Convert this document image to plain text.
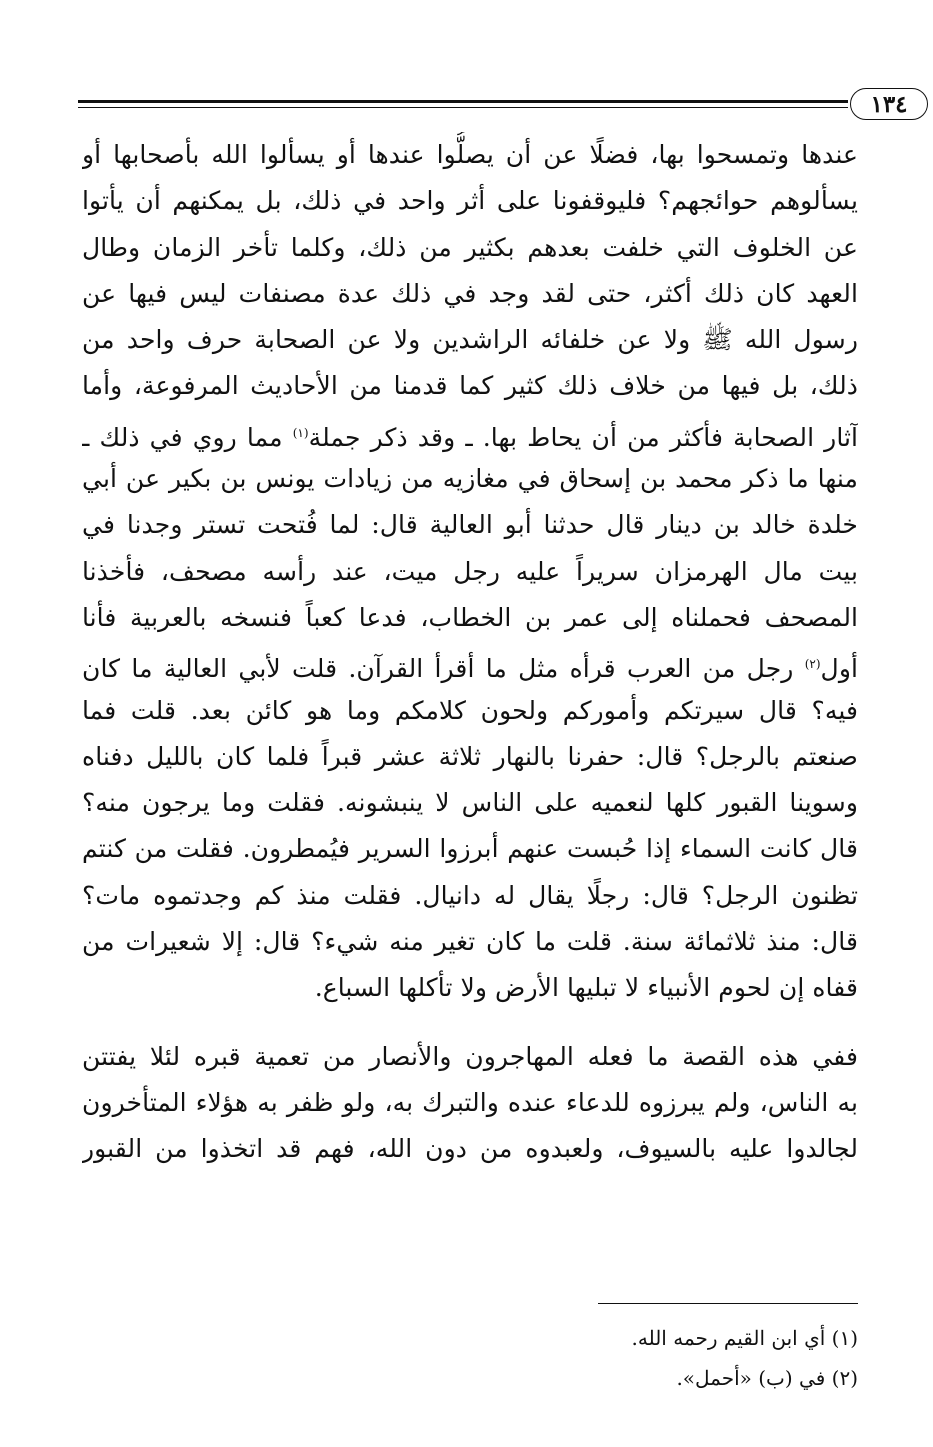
١٣٤
عندها وتمسحوا بها، فضلًا عن أن يصلُّوا عندها أو يسألوا الله بأصحابها أو
يسألوهم حوائجهم؟ فليوقفونا على أثر واحد في ذلك، بل يمكنهم أن يأتوا
عن الخلوف التي خلفت بعدهم بكثير من ذلك، وكلما تأخر الزمان وطال
العهد كان ذلك أكثر، حتى لقد وجد في ذلك عدة مصنفات ليس فيها عن
رسول الله ﷺ ولا عن خلفائه الراشدين ولا عن الصحابة حرف واحد من
ذلك، بل فيها من خلاف ذلك كثير كما قدمنا من الأحاديث المرفوعة، وأما
آثار الصحابة فأكثر من أن يحاط بها. ـ وقد ذكر جملة$^{(١)}$ مما روي في ذلك ـ
منها ما ذكر محمد بن إسحاق في مغازيه من زيادات يونس بن بكير عن أبي
خلدة خالد بن دينار قال حدثنا أبو العالية قال: لما فُتحت تستر وجدنا في
بيت مال الهرمزان سريراً عليه رجل ميت، عند رأسه مصحف، فأخذنا
المصحف فحملناه إلى عمر بن الخطاب، فدعا كعباً فنسخه بالعربية فأنا
أول$^{(٢)}$ رجل من العرب قرأه مثل ما أقرأ القرآن. قلت لأبي العالية ما كان
فيه؟ قال سيرتكم وأموركم ولحون كلامكم وما هو كائن بعد. قلت فما
صنعتم بالرجل؟ قال: حفرنا بالنهار ثلاثة عشر قبراً فلما كان بالليل دفناه
وسوينا القبور كلها لنعميه على الناس لا ينبشونه. فقلت وما يرجون منه؟
قال كانت السماء إذا حُبست عنهم أبرزوا السرير فيُمطرون. فقلت من كنتم
تظنون الرجل؟ قال: رجلًا يقال له دانيال. فقلت منذ كم وجدتموه مات؟
قال: منذ ثلاثمائة سنة. قلت ما كان تغير منه شيء؟ قال: إلا شعيرات من
قفاه إن لحوم الأنبياء لا تبليها الأرض ولا تأكلها السباع.
ففي هذه القصة ما فعله المهاجرون والأنصار من تعمية قبره لئلا يفتتن
به الناس، ولم يبرزوه للدعاء عنده والتبرك به، ولو ظفر به هؤلاء المتأخرون
لجالدوا عليه بالسيوف، ولعبدوه من دون الله، فهم قد اتخذوا من القبور
(١) أي ابن القيم رحمه الله.
(٢) في (ب) «أحمل».
